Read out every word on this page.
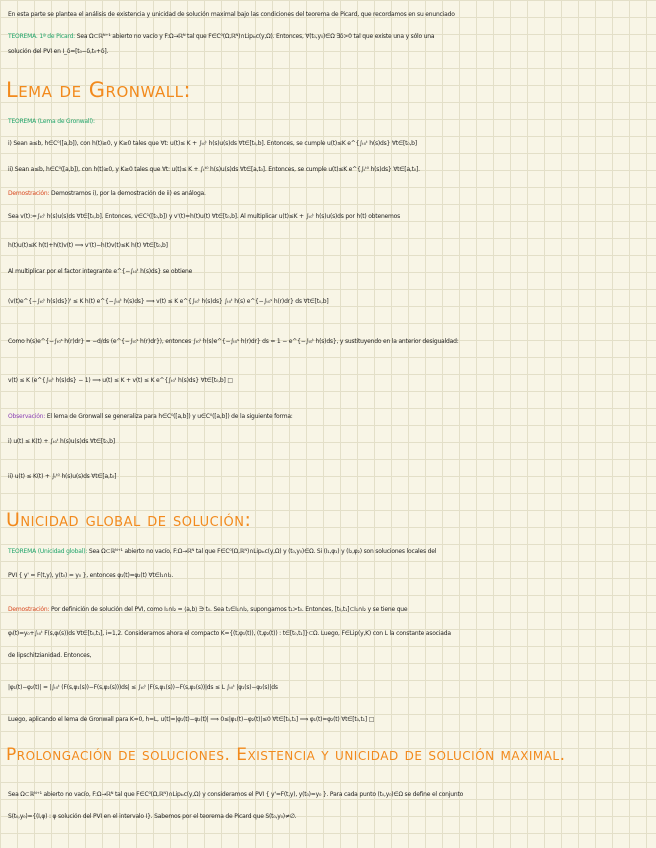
En esta parte se plantea el análisis de existencia y unicidad de solución maximal bajo las condiciones del teorema de Picard, que recordamos en su enunciado
TEOREMA. 1ª de Picard: Sea Ω⊂ℝᴺ⁺¹ abierto no vacío y F:Ω→ℝᴺ tal que F∈C⁰(Ω,ℝᴺ)∩Lipₗₒc(y,Ω). Entonces, ∀(t₀,y₀)∈Ω ∃δ>0 tal que existe una y sólo una
solución del PVI en I_δ=[t₀−δ,t₀+δ].
Lema de Gronwall:
TEOREMA (Lema de Gronwall):
i) Sean a≤b, h∈C⁰([a,b]), con h(t)≥0, y K≥0 tales que ∀t: u(t)≤ K + ∫ₜ₀ᵗ h(s)u(s)ds ∀t∈[t₀,b]. Entonces, se cumple u(t)≤K e^{∫ₜ₀ᵗ h(s)ds} ∀t∈[t₀,b]
ii) Sean a≤b, h∈C⁰([a,b]), con h(t)≥0, y K≥0 tales que ∀t: u(t)≤ K + ∫ₜᵗ⁰ h(s)u(s)ds ∀t∈[a,t₀]. Entonces, se cumple u(t)≤K e^{∫ₜᵗ⁰ h(s)ds} ∀t∈[a,t₀].
Demostración: Demostramos i), por la demostración de ii) es análoga.
Sea v(t):=∫ₜ₀ᵗ h(s)u(s)ds ∀t∈[t₀,b]. Entonces, v∈C¹([t₀,b]) y v'(t)=h(t)u(t) ∀t∈[t₀,b]. Al multiplicar u(t)≤K + ∫ₜ₀ᵗ h(s)u(s)ds por h(t) obtenemos
h(t)u(t)≤K h(t)+h(t)v(t) ⟹ v'(t)−h(t)v(t)≤K h(t) ∀t∈[t₀,b]
Al multiplicar por el factor integrante e^{−∫ₜ₀ᵗ h(s)ds} se obtiene
(v(t)e^{−∫ₜ₀ᵗ h(s)ds})' ≤ K h(t) e^{−∫ₜ₀ᵗ h(s)ds} ⟹ v(t) ≤ K e^{∫ₜ₀ᵗ h(s)ds} ∫ₜ₀ᵗ h(s) e^{−∫ₜ₀ˢ h(r)dr} ds ∀t∈[t₀,b]
Como h(s)e^{−∫ₜ₀ˢ h(r)dr} = −d/ds (e^{−∫ₜ₀ˢ h(r)dr}), entonces ∫ₜ₀ᵗ h(s)e^{−∫ₜ₀ˢ h(r)dr} ds = 1 − e^{−∫ₜ₀ᵗ h(s)ds}, y sustituyendo en la anterior desigualdad:
v(t) ≤ K (e^{∫ₜ₀ᵗ h(s)ds} − 1) ⟹ u(t) ≤ K + v(t) ≤ K e^{∫ₜ₀ᵗ h(s)ds} ∀t∈[t₀,b] □
Observación: El lema de Gronwall se generaliza para h∈C⁰([a,b]) y u∈C⁰([a,b]) de la siguiente forma:
i) u(t) ≤ K(t) + ∫ₜ₀ᵗ h(s)u(s)ds ∀t∈[t₀,b]
ii) u(t) ≤ K(t) + ∫ₜᵗ⁰ h(s)u(s)ds ∀t∈[a,t₀]
Unicidad global de solución:
TEOREMA (Unicidad global): Sea Ω⊂ℝᴺ⁺¹ abierto no vacío, F:Ω→ℝᴺ tal que F∈C⁰(Ω,ℝᴺ)∩Lipₗₒc(y,Ω) y (t₀,y₀)∈Ω. Si (I₁,φ₁) y (I₂,φ₂) son soluciones locales del
PVI { y' = F(t,y), y(t₀) = y₀ }, entonces φ₁(t)=φ₂(t) ∀t∈I₁∩I₂.
Demostración: Por definición de solución del PVI, como I₁∩I₂ = ⟨a,b⟩ ∋ t₀. Sea t₁∈I₁∩I₂, supongamos t₁>t₀. Entonces, [t₀,t₁]⊂I₁∩I₂ y se tiene que
φᵢ(t)=y₀+∫ₜ₀ᵗ F(s,φᵢ(s))ds ∀t∈[t₀,t₁], i=1,2. Consideramos ahora el compacto K={(t,φ₁(t)), (t,φ₂(t)) : t∈[t₀,t₁]}⊂Ω. Luego, F∈Lip(y,K) con L la constante asociada
de lipschitzianidad. Entonces,
|φ₁(t)−φ₂(t)| = |∫ₜ₀ᵗ (F(s,φ₁(s))−F(s,φ₂(s)))ds| ≤ ∫ₜ₀ᵗ |F(s,φ₁(s))−F(s,φ₂(s))|ds ≤ L ∫ₜ₀ᵗ |φ₁(s)−φ₂(s)|ds
Luego, aplicando el lema de Gronwall para K=0, h=L, u(t)=|φ₁(t)−φ₂(t)| ⟹ 0≤|φ₁(t)−φ₂(t)|≤0 ∀t∈[t₀,t₁] ⟹ φ₁(t)=φ₂(t) ∀t∈[t₀,t₁] □
Prolongación de soluciones. Existencia y unicidad de solución maximal.
Sea Ω⊂ℝᴺ⁺¹ abierto no vacío, F:Ω→ℝᴺ tal que F∈C⁰(Ω,ℝᴺ)∩Lipₗₒc(y,Ω) y consideramos el PVI { y'=F(t,y), y(t₀)=y₀ }. Para cada punto (t₀,y₀)∈Ω se define el conjunto
S(t₀,y₀)={(I,φ) : φ solución del PVI en el intervalo I}. Sabemos por el teorema de Picard que S(t₀,y₀)≠∅.
